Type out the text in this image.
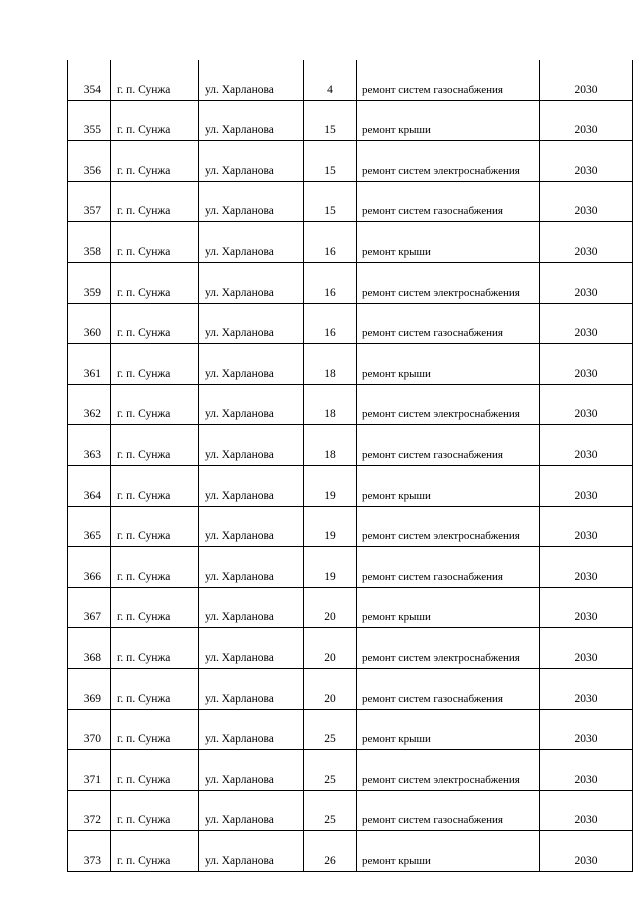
354	г. п. Сунжа	ул. Харланова	4	ремонт систем газоснабжения	2030
355	г. п. Сунжа	ул. Харланова	15	ремонт крыши	2030
356	г. п. Сунжа	ул. Харланова	15	ремонт систем электроснабжения	2030
357	г. п. Сунжа	ул. Харланова	15	ремонт систем газоснабжения	2030
358	г. п. Сунжа	ул. Харланова	16	ремонт крыши	2030
359	г. п. Сунжа	ул. Харланова	16	ремонт систем электроснабжения	2030
360	г. п. Сунжа	ул. Харланова	16	ремонт систем газоснабжения	2030
361	г. п. Сунжа	ул. Харланова	18	ремонт крыши	2030
362	г. п. Сунжа	ул. Харланова	18	ремонт систем электроснабжения	2030
363	г. п. Сунжа	ул. Харланова	18	ремонт систем газоснабжения	2030
364	г. п. Сунжа	ул. Харланова	19	ремонт крыши	2030
365	г. п. Сунжа	ул. Харланова	19	ремонт систем электроснабжения	2030
366	г. п. Сунжа	ул. Харланова	19	ремонт систем газоснабжения	2030
367	г. п. Сунжа	ул. Харланова	20	ремонт крыши	2030
368	г. п. Сунжа	ул. Харланова	20	ремонт систем электроснабжения	2030
369	г. п. Сунжа	ул. Харланова	20	ремонт систем газоснабжения	2030
370	г. п. Сунжа	ул. Харланова	25	ремонт крыши	2030
371	г. п. Сунжа	ул. Харланова	25	ремонт систем электроснабжения	2030
372	г. п. Сунжа	ул. Харланова	25	ремонт систем газоснабжения	2030
373	г. п. Сунжа	ул. Харланова	26	ремонт крыши	2030
